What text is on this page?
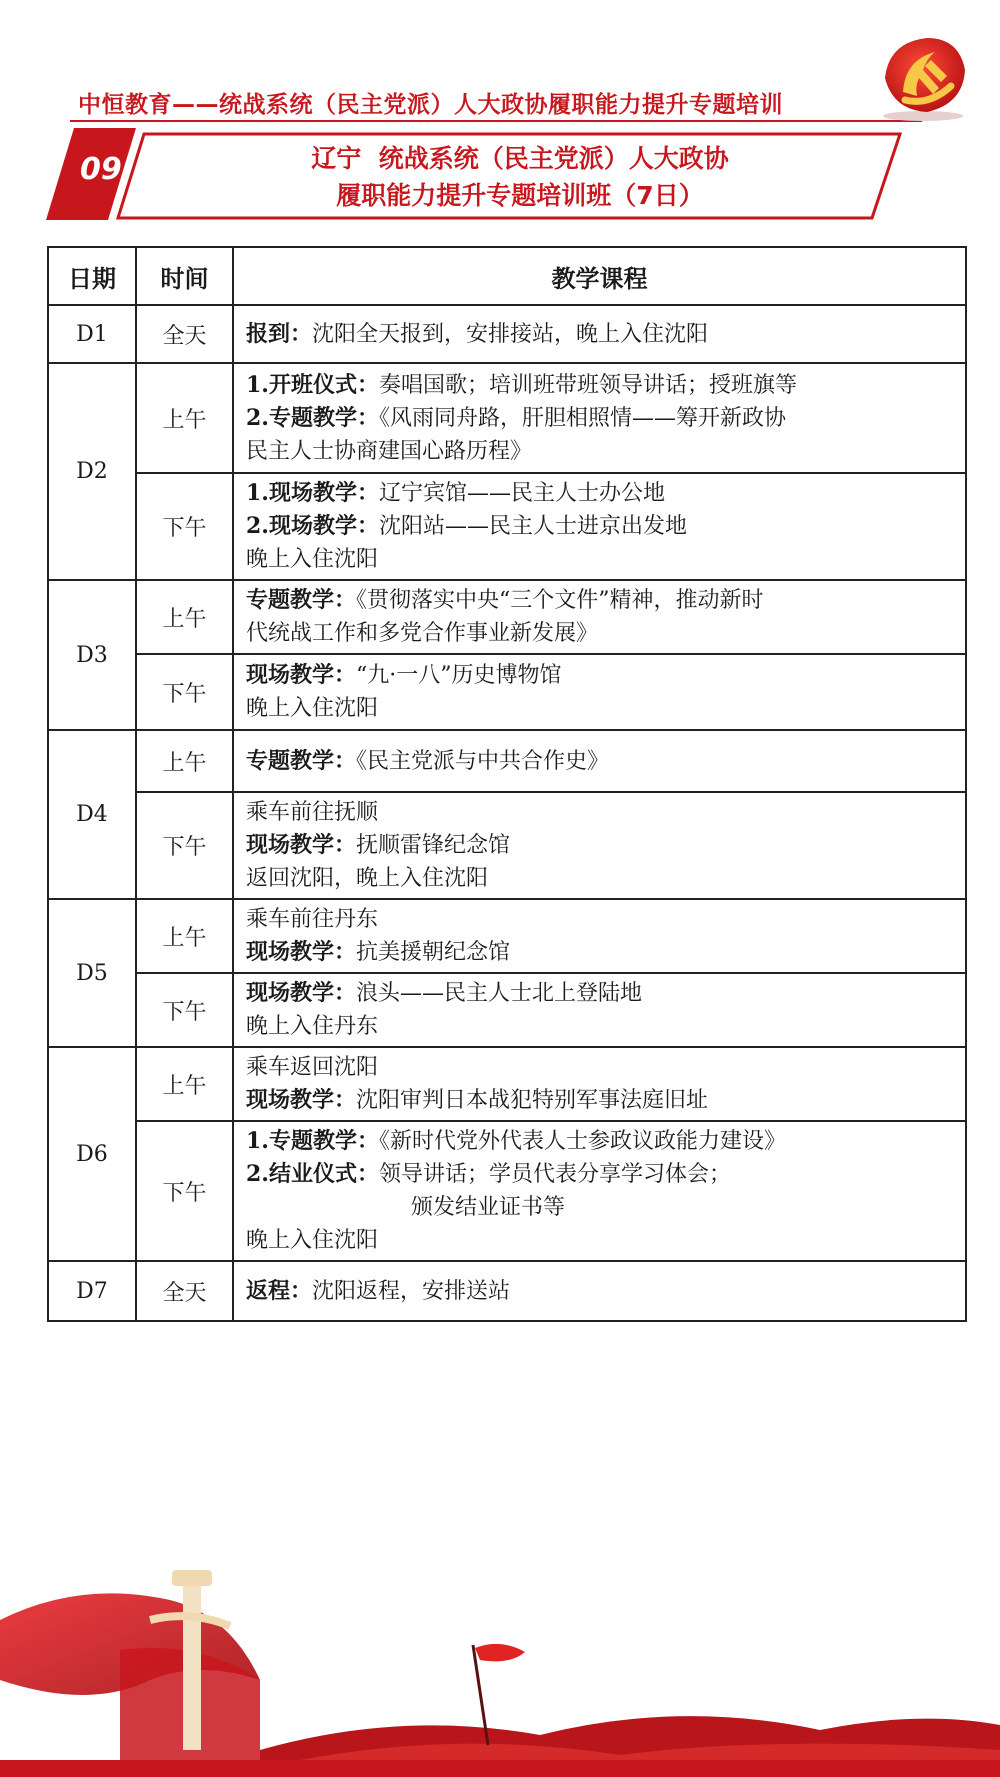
中恒教育——统战系统（民主党派）人大政协履职能力提升专题培训
09	辽宁  统战系统（民主党派）人大政协
履职能力提升专题培训班（7日）
日期	时间	教学课程
D1	全天	报到：沈阳全天报到，安排接站，晚上入住沈阳

D2	上午	1.开班仪式：奏唱国歌；培训班带班领导讲话；授班旗等
2.专题教学：《风雨同舟路，肝胆相照情——筹开新政协
民主人士协商建国心路历程》

	下午	1.现场教学：辽宁宾馆——民主人士办公地
2.现场教学：沈阳站——民主人士进京出发地
晚上入住沈阳

D3	上午	专题教学：《贯彻落实中央“三个文件”精神，推动新时
代统战工作和多党合作事业新发展》

	下午	现场教学：“九·一八”历史博物馆
晚上入住沈阳

D4	上午	专题教学：《民主党派与中共合作史》

	下午	乘车前往抚顺
现场教学：抚顺雷锋纪念馆
返回沈阳，晚上入住沈阳

D5	上午	乘车前往丹东
现场教学：抗美援朝纪念馆

	下午	现场教学：浪头——民主人士北上登陆地
晚上入住丹东

D6	上午	乘车返回沈阳
现场教学：沈阳审判日本战犯特别军事法庭旧址

	下午	1.专题教学：《新时代党外代表人士参政议政能力建设》
2.结业仪式：领导讲话；学员代表分享学习体会；
颁发结业证书等
晚上入住沈阳

D7	全天	返程：沈阳返程，安排送站
